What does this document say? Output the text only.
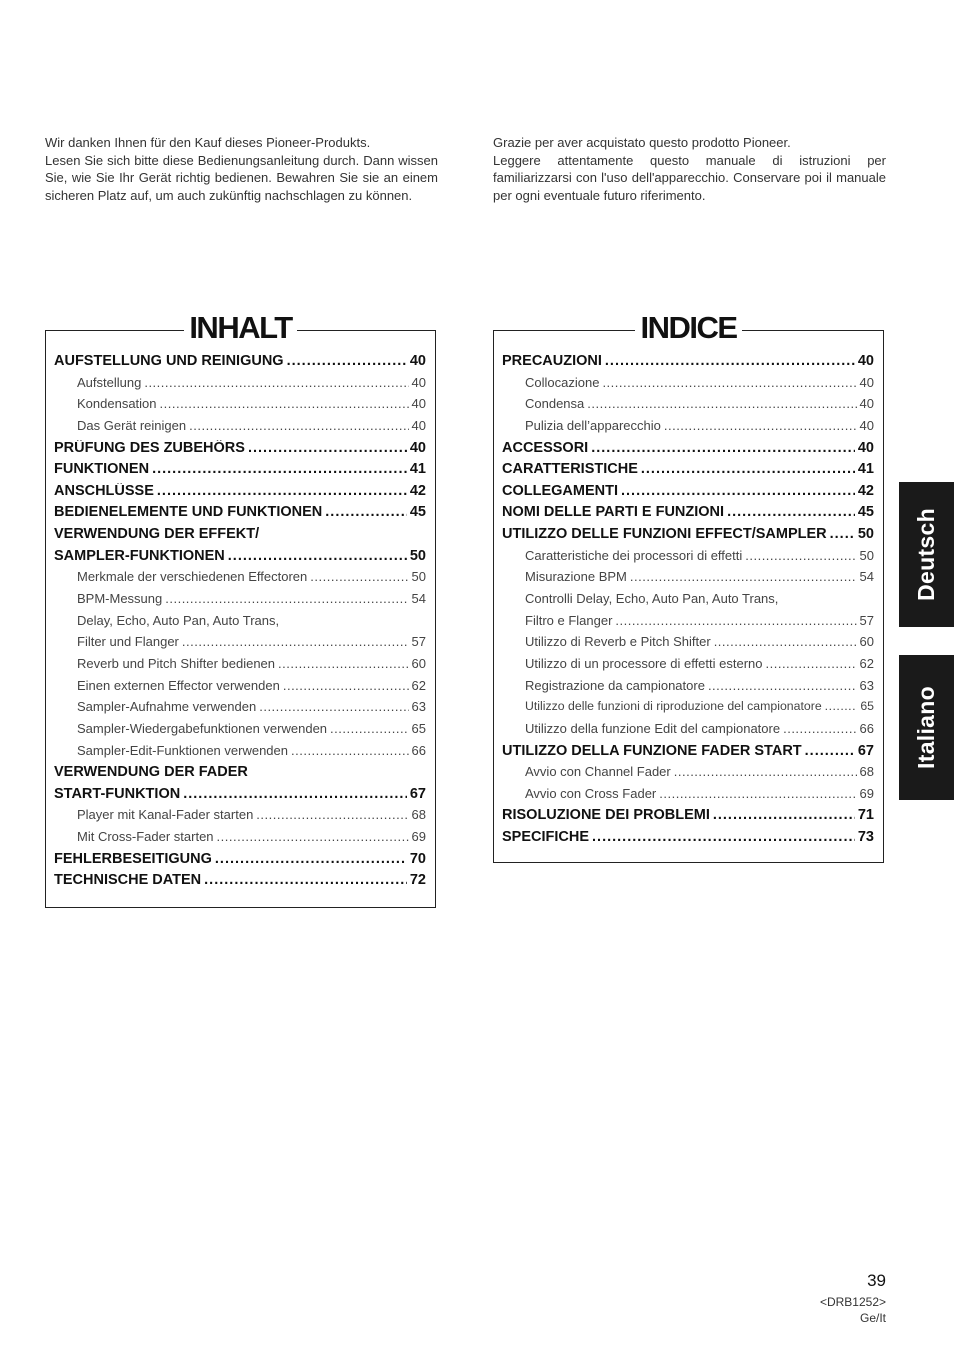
Wir danken Ihnen für den Kauf dieses Pioneer-Produkts.

Lesen Sie sich bitte diese Bedienungsanleitung durch. Dann wissen Sie, wie Sie Ihr Gerät richtig bedienen. Bewahren Sie sie an einem sicheren Platz auf, um auch zukünftig nachschlagen zu können.

Grazie per aver acquistato questo prodotto Pioneer.

Leggere attentamente questo manuale di istruzioni per familiarizzarsi con l'uso dell'apparecchio. Conservare poi il manuale per ogni eventuale futuro riferimento.

INHALT
AUFSTELLUNG UND REINIGUNG .....	40
Aufstellung .....	40
Kondensation .....	40
Das Gerät reinigen .....	40
PRÜFUNG DES ZUBEHÖRS .....	40
FUNKTIONEN .....	41
ANSCHLÜSSE .....	42
BEDIENELEMENTE UND FUNKTIONEN .....	45
VERWENDUNG DER EFFEKT/
SAMPLER-FUNKTIONEN .....	50
Merkmale der verschiedenen Effectoren .....	50
BPM-Messung .....	54
Delay, Echo, Auto Pan, Auto Trans,
Filter und Flanger .....	57
Reverb und Pitch Shifter bedienen .....	60
Einen externen Effector verwenden .....	62
Sampler-Aufnahme verwenden .....	63
Sampler-Wiedergabefunktionen verwenden .....	65
Sampler-Edit-Funktionen verwenden .....	66
VERWENDUNG DER FADER
START-FUNKTION .....	67
Player mit Kanal-Fader starten .....	68
Mit Cross-Fader starten .....	69
FEHLERBESEITIGUNG .....	70
TECHNISCHE DATEN .....	72
INDICE
PRECAUZIONI .....	40
Collocazione .....	40
Condensa .....	40
Pulizia dell’apparecchio .....	40
ACCESSORI .....	40
CARATTERISTICHE .....	41
COLLEGAMENTI .....	42
NOMI DELLE PARTI E FUNZIONI .....	45
UTILIZZO DELLE FUNZIONI EFFECT/SAMPLER ..... 50
Caratteristiche dei processori di effetti .....	50
Misurazione BPM .....	54
Controlli Delay, Echo, Auto Pan, Auto Trans,
Filtro e Flanger .....	57
Utilizzo di Reverb e Pitch Shifter .....	60
Utilizzo di un processore di effetti esterno .....	62
Registrazione da campionatore .....	63
Utilizzo delle funzioni di riproduzione del campionatore .....	65
Utilizzo della funzione Edit del campionatore .....	66
UTILIZZO DELLA FUNZIONE FADER START .....	67
Avvio con Channel Fader .....	68
Avvio con Cross Fader .....	69
RISOLUZIONE DEI PROBLEMI .....	71
SPECIFICHE .....	73
Deutsch
Italiano
39
<DRB1252>
Ge/It
